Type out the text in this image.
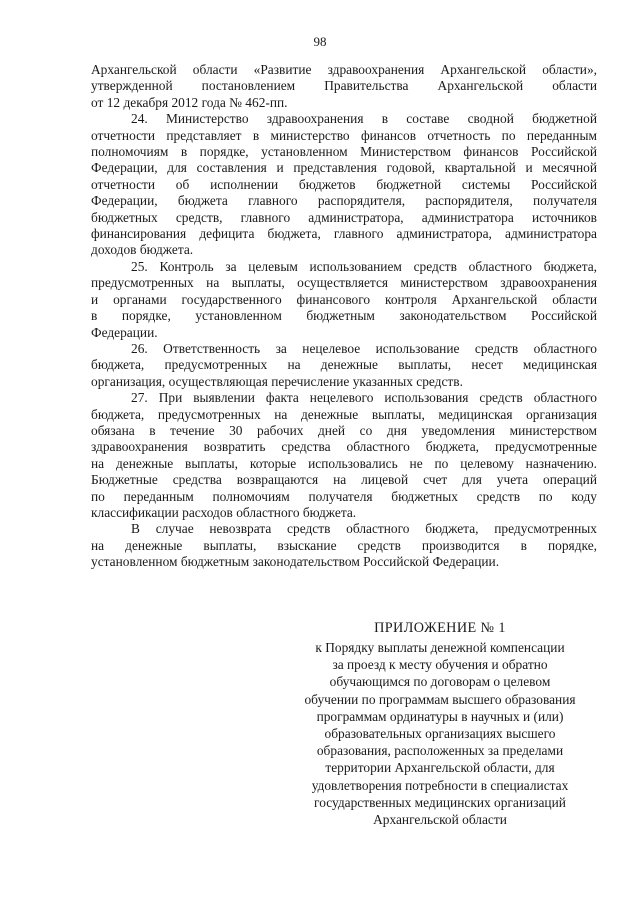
98
Архангельской области «Развитие здравоохранения Архангельской области»,
утвержденной постановлением Правительства Архангельской области
от 12 декабря 2012 года № 462-пп.
24. Министерство здравоохранения в составе сводной бюджетной
отчетности представляет в министерство финансов отчетность по переданным
полномочиям в порядке, установленном Министерством финансов Российской
Федерации, для составления и представления годовой, квартальной и месячной
отчетности об исполнении бюджетов бюджетной системы Российской
Федерации, бюджета главного распорядителя, распорядителя, получателя
бюджетных средств, главного администратора, администратора источников
финансирования дефицита бюджета, главного администратора, администратора
доходов бюджета.
25. Контроль за целевым использованием средств областного бюджета,
предусмотренных на выплаты, осуществляется министерством здравоохранения
и органами государственного финансового контроля Архангельской области
в порядке, установленном бюджетным законодательством Российской
Федерации.
26. Ответственность за нецелевое использование средств областного
бюджета, предусмотренных на денежные выплаты, несет медицинская
организация, осуществляющая перечисление указанных средств.
27. При выявлении факта нецелевого использования средств областного
бюджета, предусмотренных на денежные выплаты, медицинская организация
обязана в течение 30 рабочих дней со дня уведомления министерством
здравоохранения возвратить средства областного бюджета, предусмотренные
на денежные выплаты, которые использовались не по целевому назначению.
Бюджетные средства возвращаются на лицевой счет для учета операций
по переданным полномочиям получателя бюджетных средств по коду
классификации расходов областного бюджета.
В случае невозврата средств областного бюджета, предусмотренных
на денежные выплаты, взыскание средств производится в порядке,
установленном бюджетным законодательством Российской Федерации.
ПРИЛОЖЕНИЕ № 1
к Порядку выплаты денежной компенсации
за проезд к месту обучения и обратно
обучающимся по договорам о целевом
обучении по программам высшего образования
программам ординатуры в научных и (или)
образовательных организациях высшего
образования, расположенных за пределами
территории Архангельской области, для
удовлетворения потребности в специалистах
государственных медицинских организаций
Архангельской области
